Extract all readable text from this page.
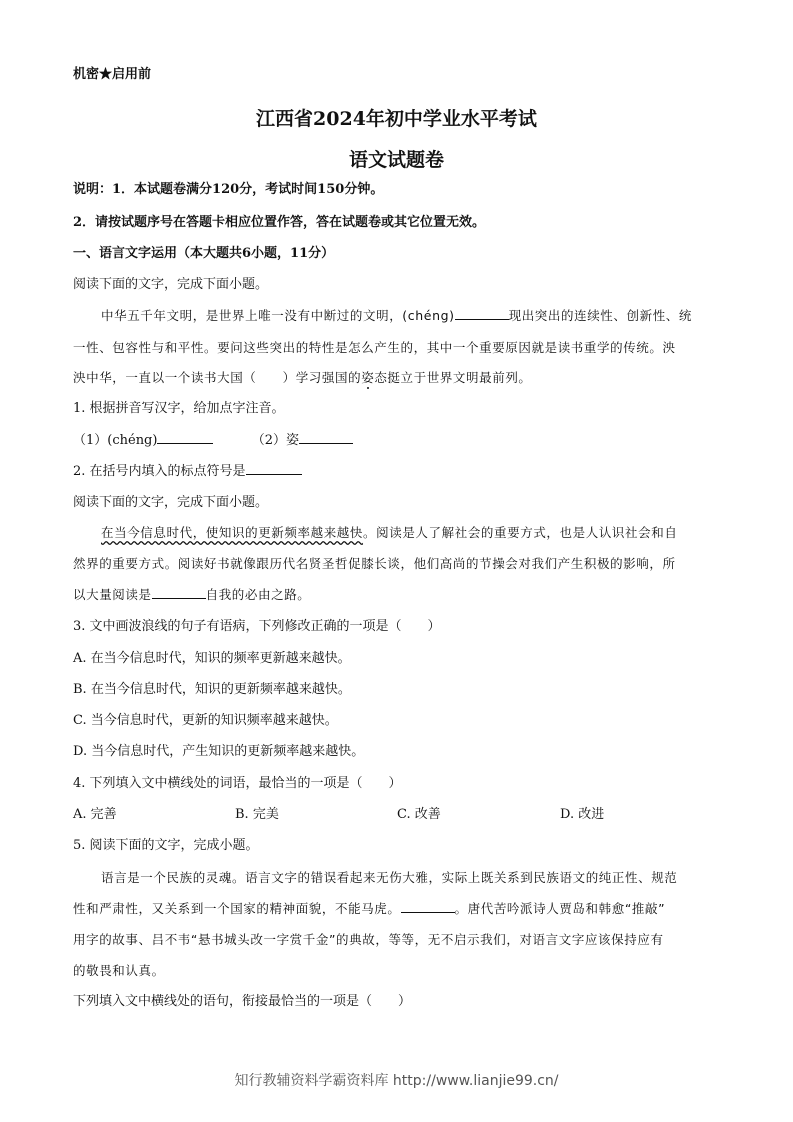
机密★启用前
江西省2024年初中学业水平考试
语文试题卷
说明：1．本试题卷满分120分，考试时间150分钟。
2．请按试题序号在答题卡相应位置作答，答在试题卷或其它位置无效。
一、语言文字运用（本大题共6小题，11分）
阅读下面的文字，完成下面小题。
中华五千年文明，是世界上唯一没有中断过的文明，(chéng)	现出突出的连续性、创新性、统
一性、包容性与和平性。要问这些突出的特性是怎么产生的，其中一个重要原因就是读书重学的传统。泱
泱中华，一直以一个读书大国（　　）学习强国的姿态挺立于世界文明最前列。
1. 根据拼音写汉字，给加点字注音。
（1）(chéng)	（2）姿
2. 在括号内填入的标点符号是
阅读下面的文字，完成下面小题。
在当今信息时代，使知识的更新频率越来越快。阅读是人了解社会的重要方式，也是人认识社会和自
然界的重要方式。阅读好书就像跟历代名贤圣哲促膝长谈，他们高尚的节操会对我们产生积极的影响，所
以大量阅读是	自我的必由之路。
3. 文中画波浪线的句子有语病，下列修改正确的一项是（　　）
A. 在当今信息时代，知识的频率更新越来越快。
B. 在当今信息时代，知识的更新频率越来越快。
C. 当今信息时代，更新的知识频率越来越快。
D. 当今信息时代，产生知识的更新频率越来越快。
4. 下列填入文中横线处的词语，最恰当的一项是（　　）
A. 完善	B. 完美	C. 改善	D. 改进
5. 阅读下面的文字，完成小题。
语言是一个民族的灵魂。语言文字的错误看起来无伤大雅，实际上既关系到民族语文的纯正性、规范
性和严肃性，又关系到一个国家的精神面貌，不能马虎。	。唐代苦吟派诗人贾岛和韩愈“推敲”
用字的故事、吕不韦“悬书城头改一字赏千金”的典故，等等，无不启示我们，对语言文字应该保持应有
的敬畏和认真。
下列填入文中横线处的语句，衔接最恰当的一项是（　　）
知行教辅资料学霸资料库 http://www.lianjie99.cn/
